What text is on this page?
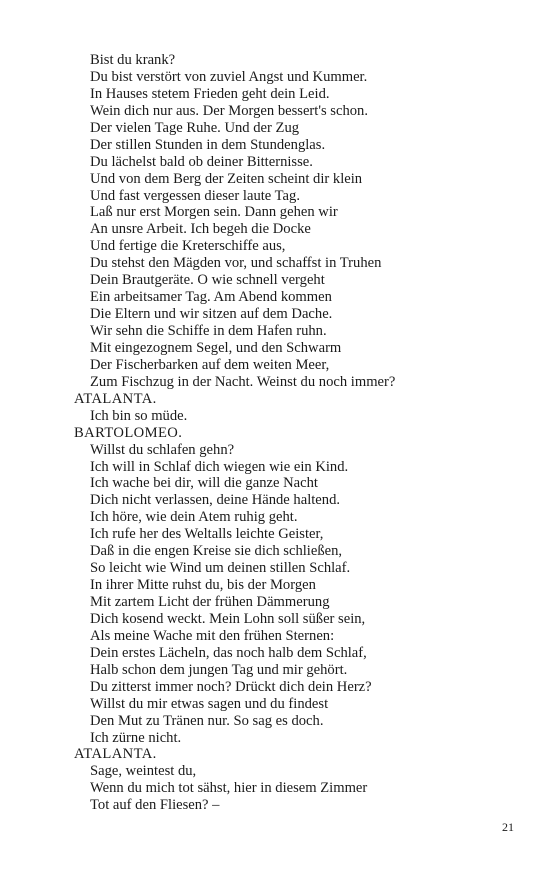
Bist du krank?
Du bist verstört von zuviel Angst und Kummer.
In Hauses stetem Frieden geht dein Leid.
Wein dich nur aus. Der Morgen bessert's schon.
Der vielen Tage Ruhe. Und der Zug
Der stillen Stunden in dem Stundenglas.
Du lächelst bald ob deiner Bitternisse.
Und von dem Berg der Zeiten scheint dir klein
Und fast vergessen dieser laute Tag.
Laß nur erst Morgen sein. Dann gehen wir
An unsre Arbeit. Ich begeh die Docke
Und fertige die Kreterschiffe aus,
Du stehst den Mägden vor, und schaffst in Truhen
Dein Brautgeräte. O wie schnell vergeht
Ein arbeitsamer Tag. Am Abend kommen
Die Eltern und wir sitzen auf dem Dache.
Wir sehn die Schiffe in dem Hafen ruhn.
Mit eingezognem Segel, und den Schwarm
Der Fischerbarken auf dem weiten Meer,
Zum Fischzug in der Nacht. Weinst du noch immer?
ATALANTA.
Ich bin so müde.
BARTOLOMEO.
Willst du schlafen gehn?
Ich will in Schlaf dich wiegen wie ein Kind.
Ich wache bei dir, will die ganze Nacht
Dich nicht verlassen, deine Hände haltend.
Ich höre, wie dein Atem ruhig geht.
Ich rufe her des Weltalls leichte Geister,
Daß in die engen Kreise sie dich schließen,
So leicht wie Wind um deinen stillen Schlaf.
In ihrer Mitte ruhst du, bis der Morgen
Mit zartem Licht der frühen Dämmerung
Dich kosend weckt. Mein Lohn soll süßer sein,
Als meine Wache mit den frühen Sternen:
Dein erstes Lächeln, das noch halb dem Schlaf,
Halb schon dem jungen Tag und mir gehört.
Du zitterst immer noch? Drückt dich dein Herz?
Willst du mir etwas sagen und du findest
Den Mut zu Tränen nur. So sag es doch.
Ich zürne nicht.
ATALANTA.
Sage, weintest du,
Wenn du mich tot sähst, hier in diesem Zimmer
Tot auf den Fliesen? –
21
